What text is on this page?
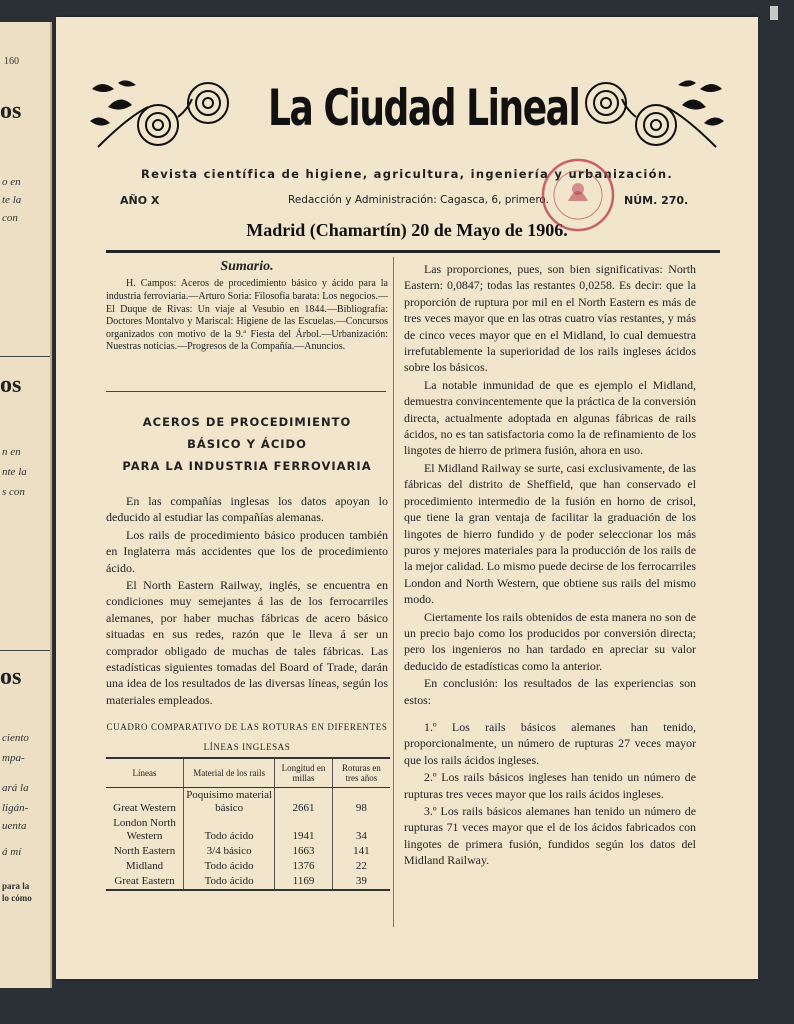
160
os
o en
te la
con
os
n en
nte la
s con
os
ciento
mpa-
ará la
ligán-
uenta
á mí
para la
lo cómo
La Ciudad Lineal
Revista científica de higiene, agricultura, ingeniería y urbanización.
AÑO X	Redacción y Administración: Cagasca, 6, primero.	NÚM. 270.
Madrid (Chamartín) 20 de Mayo de 1906.
Sumario.

H. Campos: Aceros de procedimiento básico y ácido para la industria ferroviaria.—Arturo Soria: Filosofía barata: Los negocios.—El Duque de Rivas: Un viaje al Vesubio en 1844.—Bibliografía: Doctores Montalvo y Mariscal: Higiene de las Escuelas.—Concursos organizados con motivo de la 9.ª Fiesta del Árbol.—Urbanización: Nuestras noticias.—Progresos de la Compañía.—Anuncios.

ACEROS DE PROCEDIMIENTO
BÁSICO Y ÁCIDO
PARA LA INDUSTRIA FERROVIARIA

En las compañías inglesas los datos apoyan lo deducido al estudiar las compañías alemanas.

Los rails de procedimiento básico producen también en Inglaterra más accidentes que los de procedimiento ácido.

El North Eastern Railway, inglés, se encuentra en condiciones muy semejantes á las de los ferrocarriles alemanes, por haber muchas fábricas de acero básico situadas en sus redes, razón que le lleva á ser un comprador obligado de muchas de tales fábricas. Las estadísticas siguientes tomadas del Board of Trade, darán una idea de los resultados de las diversas líneas, según los materiales empleados.

CUADRO COMPARATIVO DE LAS ROTURAS EN DIFERENTES
LÍNEAS INGLESAS
Líneas	Material de los rails	Longitud en millas	Roturas en tres años
Great Western	Poquísimo material básico	2661	98
London North Western	Todo ácido	1941	34
North Eastern	3/4 básico	1663	141
Midland	Todo ácido	1376	22
Great Eastern	Todo ácido	1169	39

Las proporciones, pues, son bien significativas: North Eastern: 0,0847; todas las restantes 0,0258. Es decir: que la proporción de ruptura por mil en el North Eastern es más de tres veces mayor que en las otras cuatro vías restantes, y más de cinco veces mayor que en el Midland, lo cual demuestra irrefutablemente la superioridad de los rails ingleses ácidos sobre los básicos.

La notable inmunidad de que es ejemplo el Midland, demuestra convincentemente que la práctica de la conversión directa, actualmente adoptada en algunas fábricas de rails ácidos, no es tan satisfactoria como la de refinamiento de los lingotes de hierro de primera fusión, ahora en uso.

El Midland Railway se surte, casi exclusivamente, de las fábricas del distrito de Sheffield, que han conservado el procedimiento intermedio de la fusión en horno de crisol, que tiene la gran ventaja de facilitar la graduación de los lingotes de hierro fundido y de poder seleccionar los más puros y mejores materiales para la producción de los rails de la mejor calidad. Lo mismo puede decirse de los ferrocarriles London and North Western, que obtiene sus rails del mismo modo.

Ciertamente los rails obtenidos de esta manera no son de un precio bajo como los producidos por conversión directa; pero los ingenieros no han tardado en apreciar su valor deducido de estadísticas como la anterior.

En conclusión: los resultados de las experiencias son estos:

1.º Los rails básicos alemanes han tenido, proporcionalmente, un número de rupturas 27 veces mayor que los rails ácidos ingleses.

2.º Los rails básicos ingleses han tenido un número de rupturas tres veces mayor que los rails ácidos ingleses.

3.º Los rails básicos alemanes han tenido un número de rupturas 71 veces mayor que el de los ácidos fabricados con lingotes de primera fusión, fundidos según los datos del Midland Railway.
